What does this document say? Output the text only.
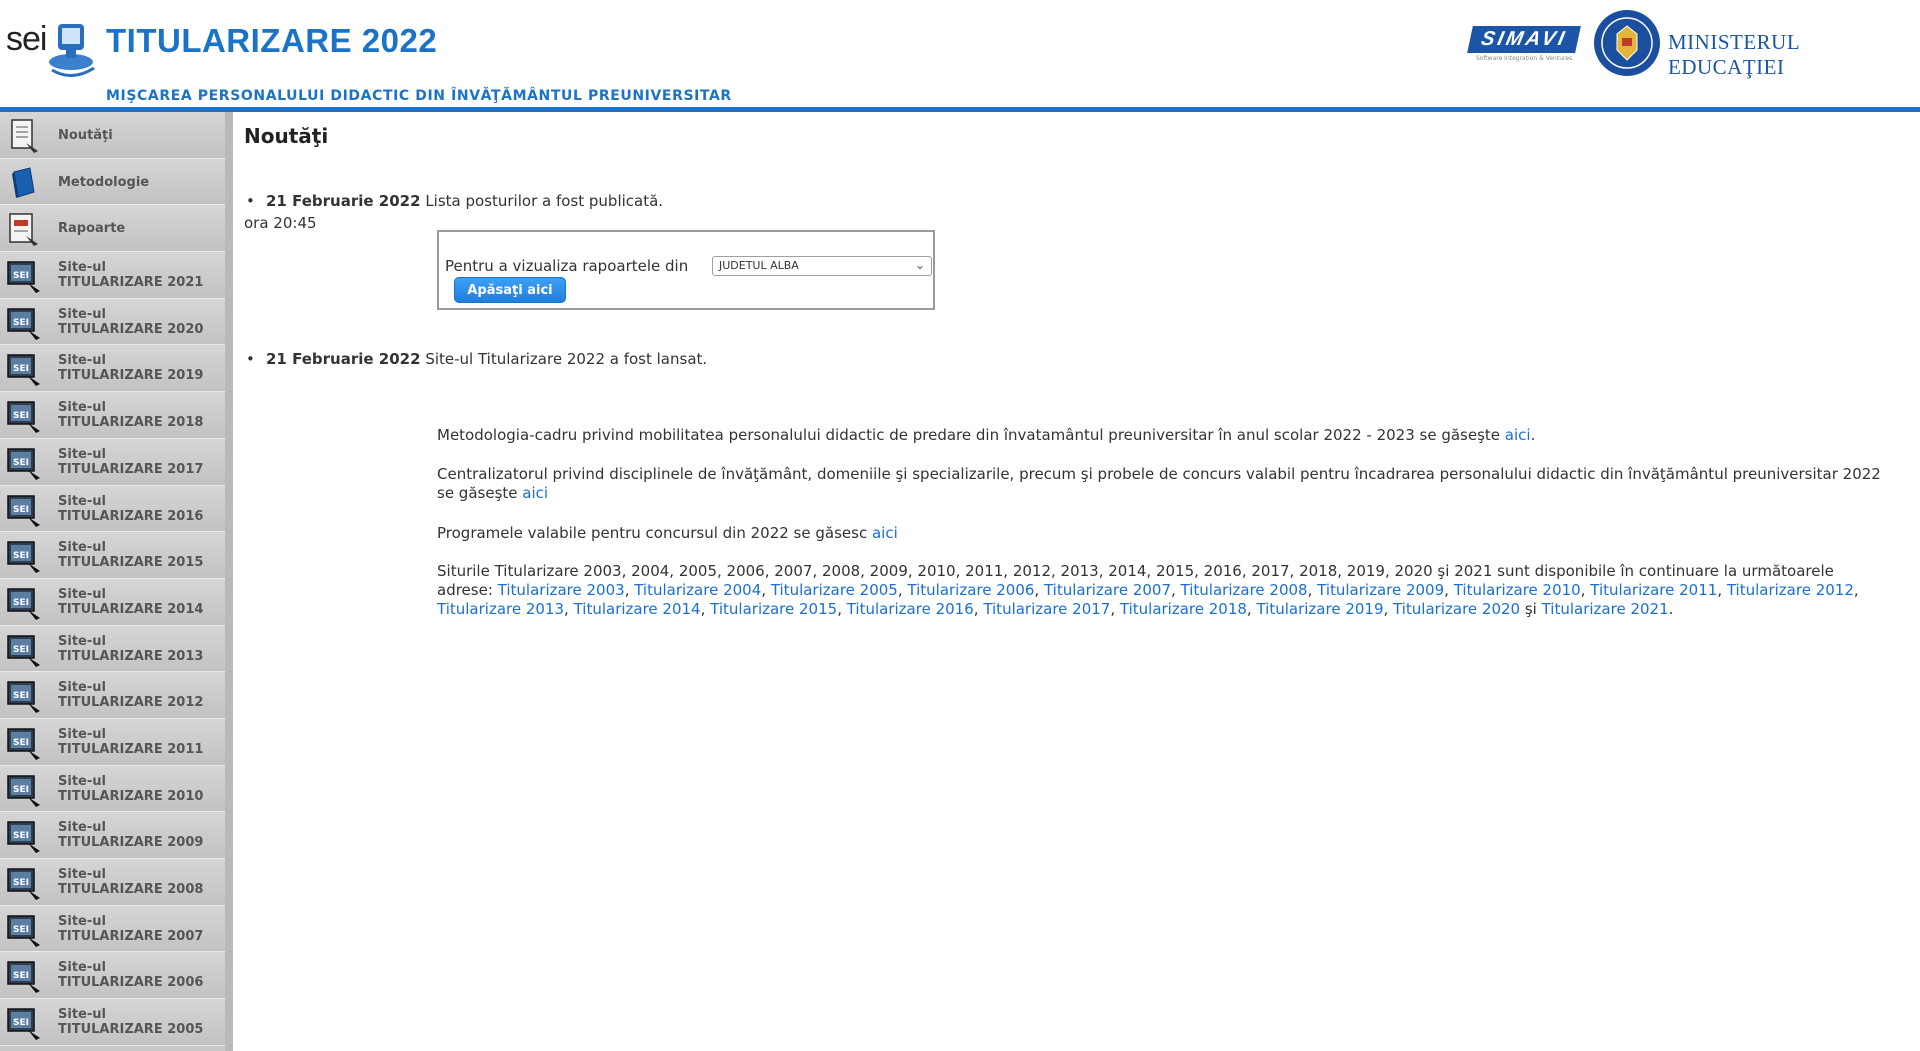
sei TITULARIZARE 2022
MIŞCAREA PERSONALULUI DIDACTIC DIN ÎNVĂŢĂMÂNTUL PREUNIVERSITAR
SIMAVI
Software Integration & Ventures
MINISTERUL EDUCAŢIEI
Noutăţi
Metodologie
Rapoarte
SEI
Site-ul
TITULARIZARE 2021
SEI
Site-ul
TITULARIZARE 2020
SEI
Site-ul
TITULARIZARE 2019
SEI
Site-ul
TITULARIZARE 2018
SEI
Site-ul
TITULARIZARE 2017
SEI
Site-ul
TITULARIZARE 2016
SEI
Site-ul
TITULARIZARE 2015
SEI
Site-ul
TITULARIZARE 2014
SEI
Site-ul
TITULARIZARE 2013
SEI
Site-ul
TITULARIZARE 2012
SEI
Site-ul
TITULARIZARE 2011
SEI
Site-ul
TITULARIZARE 2010
SEI
Site-ul
TITULARIZARE 2009
SEI
Site-ul
TITULARIZARE 2008
SEI
Site-ul
TITULARIZARE 2007
SEI
Site-ul
TITULARIZARE 2006
SEI
Site-ul
TITULARIZARE 2005
Noutăţi
• 21 Februarie 2022 Lista posturilor a fost publicată.
ora 20:45
Pentru a vizualiza rapoartele din	JUDETUL ALBA	⌄
Apăsaţi aici
• 21 Februarie 2022 Site-ul Titularizare 2022 a fost lansat.
Metodologia-cadru privind mobilitatea personalului didactic de predare din învatamântul preuniversitar în anul scolar 2022 - 2023 se găseşte aici.
Centralizatorul privind disciplinele de învăţământ, domeniile şi specializarile, precum şi probele de concurs valabil pentru încadrarea personalului didactic din învăţământul preuniversitar 2022 se găseşte aici
Programele valabile pentru concursul din 2022 se găsesc aici
Siturile Titularizare 2003, 2004, 2005, 2006, 2007, 2008, 2009, 2010, 2011, 2012, 2013, 2014, 2015, 2016, 2017, 2018, 2019, 2020 şi 2021 sunt disponibile în continuare la următoarele adrese: Titularizare 2003, Titularizare 2004, Titularizare 2005, Titularizare 2006, Titularizare 2007, Titularizare 2008, Titularizare 2009, Titularizare 2010, Titularizare 2011, Titularizare 2012, Titularizare 2013, Titularizare 2014, Titularizare 2015, Titularizare 2016, Titularizare 2017, Titularizare 2018, Titularizare 2019, Titularizare 2020 şi Titularizare 2021.
